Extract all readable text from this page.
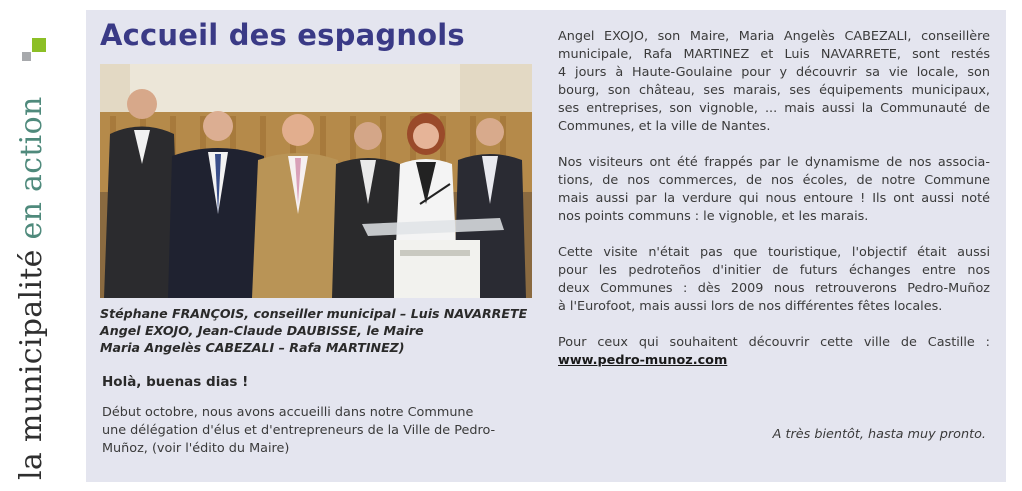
la municipalité en action
Accueil des espagnols
Stéphane FRANÇOIS, conseiller municipal – Luis NAVARRETE
Angel EXOJO, Jean-Claude DAUBISSE, le Maire
Maria Angelès CABEZALI – Rafa MARTINEZ)
Holà, buenas dias !
Début octobre, nous avons accueilli dans notre Commune
une délégation d'élus et d'entrepreneurs de la Ville de Pedro-
Muñoz, (voir l'édito du Maire)
Angel EXOJO, son Maire, Maria Angelès CABEZALI, conseillère
municipale, Rafa MARTINEZ et Luis NAVARRETE, sont restés
4 jours à Haute-Goulaine pour y découvrir sa vie locale, son
bourg, son château, ses marais, ses équipements municipaux,
ses entreprises, son vignoble, ... mais aussi la Communauté de
Communes, et la ville de Nantes.
Nos visiteurs ont été frappés par le dynamisme de nos associa-
tions, de nos commerces, de nos écoles, de notre Commune
mais aussi par la verdure qui nous entoure ! Ils ont aussi noté
nos points communs : le vignoble, et les marais.
Cette visite n'était pas que touristique, l'objectif était aussi
pour les pedroteños d'initier de futurs échanges entre nos
deux Communes : dès 2009 nous retrouverons Pedro-Muñoz
à l'Eurofoot, mais aussi lors de nos différentes fêtes locales.
Pour ceux qui souhaitent découvrir cette ville de Castille :
www.pedro-munoz.com
A très bientôt, hasta muy pronto.
